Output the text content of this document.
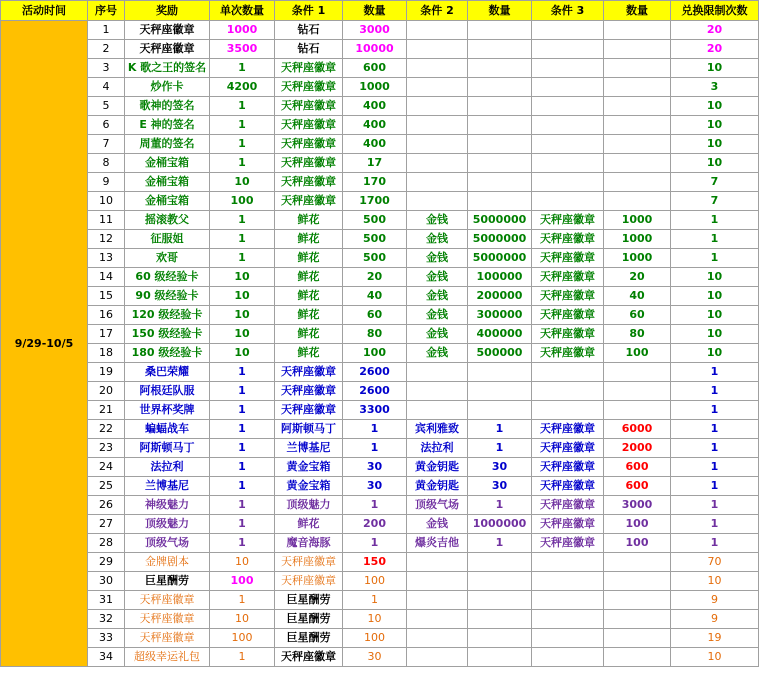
活动时间	序号	奖励	单次数量	条件 1	数量	条件 2	数量	条件 3	数量	兑换限制次数
9/29-10/5	1	天秤座徽章	1000	钻石	3000					20
	2	天秤座徽章	3500	钻石	10000					20
	3	K 歌之王的签名	1	天秤座徽章	600					10
	4	炒作卡	4200	天秤座徽章	1000					3
	5	歌神的签名	1	天秤座徽章	400					10
	6	E 神的签名	1	天秤座徽章	400					10
	7	周董的签名	1	天秤座徽章	400					10
	8	金桶宝箱	1	天秤座徽章	17					10
	9	金桶宝箱	10	天秤座徽章	170					7
	10	金桶宝箱	100	天秤座徽章	1700					7
	11	摇滚教父	1	鲜花	500	金钱	5000000	天秤座徽章	1000	1
	12	征服姐	1	鲜花	500	金钱	5000000	天秤座徽章	1000	1
	13	欢哥	1	鲜花	500	金钱	5000000	天秤座徽章	1000	1
	14	60 级经验卡	10	鲜花	20	金钱	100000	天秤座徽章	20	10
	15	90 级经验卡	10	鲜花	40	金钱	200000	天秤座徽章	40	10
	16	120 级经验卡	10	鲜花	60	金钱	300000	天秤座徽章	60	10
	17	150 级经验卡	10	鲜花	80	金钱	400000	天秤座徽章	80	10
	18	180 级经验卡	10	鲜花	100	金钱	500000	天秤座徽章	100	10
	19	桑巴荣耀	1	天秤座徽章	2600					1
	20	阿根廷队服	1	天秤座徽章	2600					1
	21	世界杯奖牌	1	天秤座徽章	3300					1
	22	蝙蝠战车	1	阿斯顿马丁	1	宾利雅致	1	天秤座徽章	6000	1
	23	阿斯顿马丁	1	兰博基尼	1	法拉利	1	天秤座徽章	2000	1
	24	法拉利	1	黄金宝箱	30	黄金钥匙	30	天秤座徽章	600	1
	25	兰博基尼	1	黄金宝箱	30	黄金钥匙	30	天秤座徽章	600	1
	26	神级魅力	1	顶级魅力	1	顶级气场	1	天秤座徽章	3000	1
	27	顶级魅力	1	鲜花	200	金钱	1000000	天秤座徽章	100	1
	28	顶级气场	1	魔音海豚	1	爆炎吉他	1	天秤座徽章	100	1
	29	金牌剧本	10	天秤座徽章	150					70
	30	巨星酬劳	100	天秤座徽章	100					10
	31	天秤座徽章	1	巨星酬劳	1					9
	32	天秤座徽章	10	巨星酬劳	10					9
	33	天秤座徽章	100	巨星酬劳	100					19
	34	超级幸运礼包	1	天秤座徽章	30					10
